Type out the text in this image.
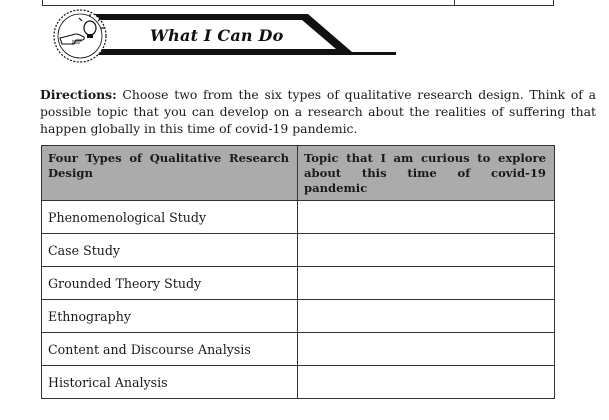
What I Can Do
Directions: Choose two from the six types of qualitative research design. Think of a possible topic that you can develop on a research about the realities of suffering that happen globally in this time of covid-19 pandemic.
Four Types of Qualitative Research Design	Topic that I am curious to explore about this time of covid-19 pandemic
Phenomenological Study	
Case Study	
Grounded Theory Study	
Ethnography	
Content and Discourse Analysis	
Historical Analysis	
